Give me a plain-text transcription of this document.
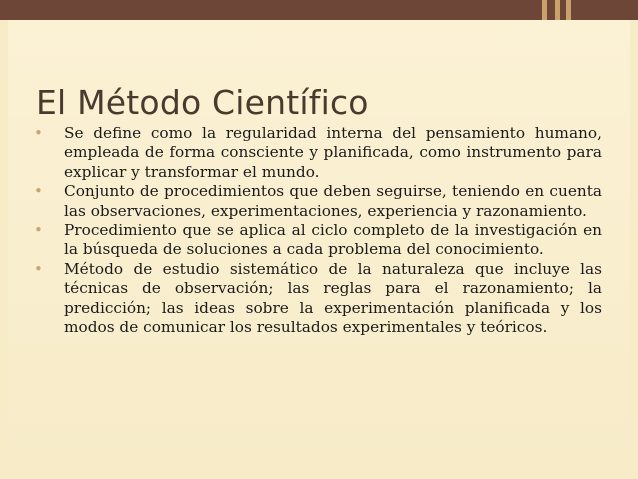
El Método Científico
• Se define como la regularidad interna del pensamiento humano, empleada de forma consciente y planificada, como instrumento para explicar y transformar el mundo.
• Conjunto de procedimientos que deben seguirse, teniendo en cuenta las observaciones, experimentaciones, experiencia y razonamiento.
• Procedimiento que se aplica al ciclo completo de la investigación en la búsqueda de soluciones a cada problema del conocimiento.
• Método de estudio sistemático de la naturaleza que incluye las técnicas de observación; las reglas para el razonamiento; la predicción; las ideas sobre la experimentación planificada y los modos de comunicar los resultados experimentales y teóricos.
